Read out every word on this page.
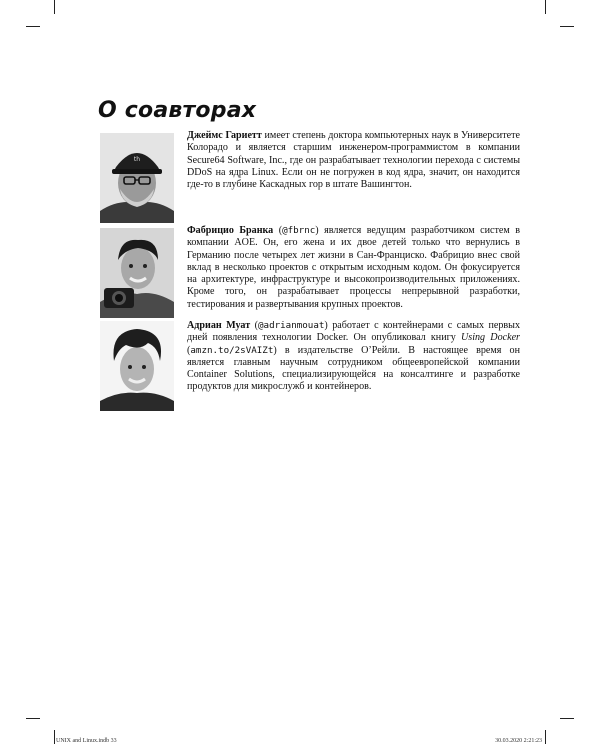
О соавторах
th
Джеймс Гариетт имеет степень доктора компьютерных наук в Университете Колорадо и является старшим инженером-программистом в компании Secure64 Software, Inc., где он разрабатывает технологии перехода с системы DDoS на ядра Linux. Если он не погружен в код ядра, значит, он находится где-то в глубине Каскадных гор в штате Вашингтон.
Фабрицио Бранка (@fbrnc) является ведущим разработчиком систем в компании AOE. Он, его жена и их двое детей только что вернулись в Германию после четырех лет жизни в Сан-Франциско. Фабрицио внес свой вклад в несколько проектов с открытым исходным кодом. Он фокусируется на архитектуре, инфраструктуре и высокопроизводительных приложениях. Кроме того, он разрабатывает процессы непрерывной разработки, тестирования и развертывания крупных проектов.
Адриан Муат (@adrianmouat) работает с контейнерами с самых первых дней появления технологии Docker. Он опубликовал книгу Using Docker (amzn.to/2sVAIZt) в издательстве O’Рейли. В настоящее время он является главным научным сотрудником общеевропейской компании Container Solutions, специализирующейся на консалтинге и разработке продуктов для микрослужб и контейнеров.
UNIX and Linux.indb 33	30.03.2020 2:21:23
